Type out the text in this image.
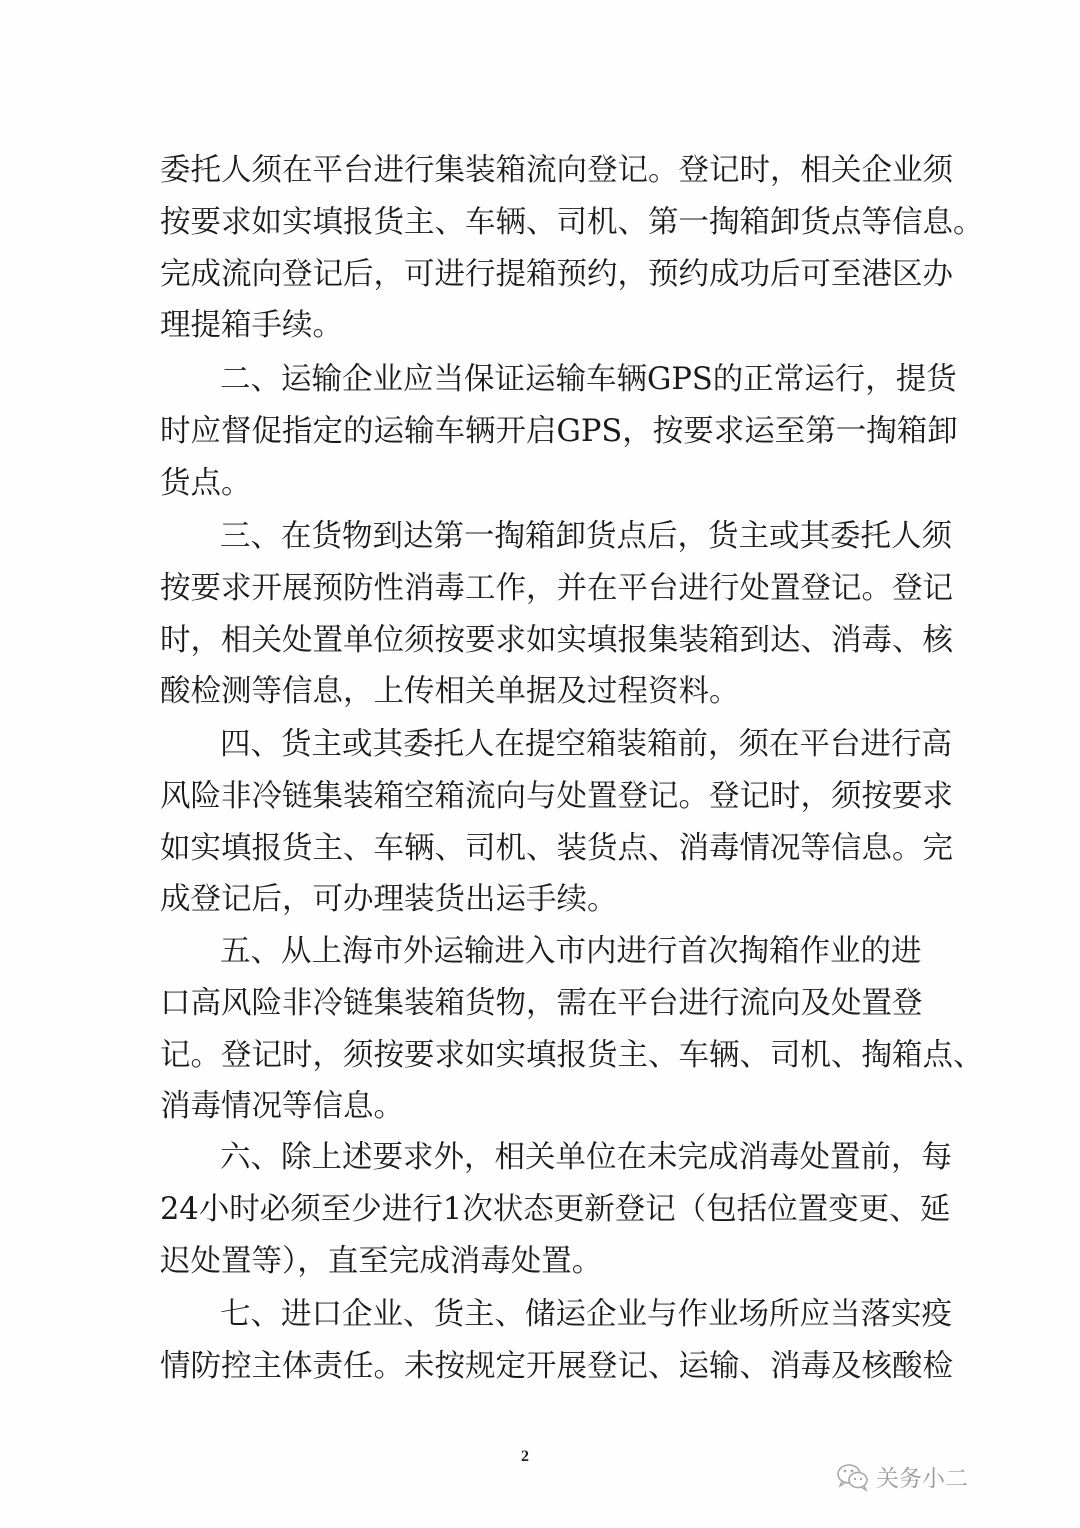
委托人须在平台进行集装箱流向登记。登记时，相关企业须
按要求如实填报货主、车辆、司机、第一掏箱卸货点等信息。
完成流向登记后，可进行提箱预约，预约成功后可至港区办
理提箱手续。
二、运输企业应当保证运输车辆GPS的正常运行，提货
时应督促指定的运输车辆开启GPS，按要求运至第一掏箱卸
货点。
三、在货物到达第一掏箱卸货点后，货主或其委托人须
按要求开展预防性消毒工作，并在平台进行处置登记。登记
时，相关处置单位须按要求如实填报集装箱到达、消毒、核
酸检测等信息，上传相关单据及过程资料。
四、货主或其委托人在提空箱装箱前，须在平台进行高
风险非冷链集装箱空箱流向与处置登记。登记时，须按要求
如实填报货主、车辆、司机、装货点、消毒情况等信息。完
成登记后，可办理装货出运手续。
五、从上海市外运输进入市内进行首次掏箱作业的进
口高风险非冷链集装箱货物，需在平台进行流向及处置登
记。登记时，须按要求如实填报货主、车辆、司机、掏箱点、
消毒情况等信息。
六、除上述要求外，相关单位在未完成消毒处置前，每
24小时必须至少进行1次状态更新登记（包括位置变更、延
迟处置等），直至完成消毒处置。
七、进口企业、货主、储运企业与作业场所应当落实疫
情防控主体责任。未按规定开展登记、运输、消毒及核酸检
2
关务小二
